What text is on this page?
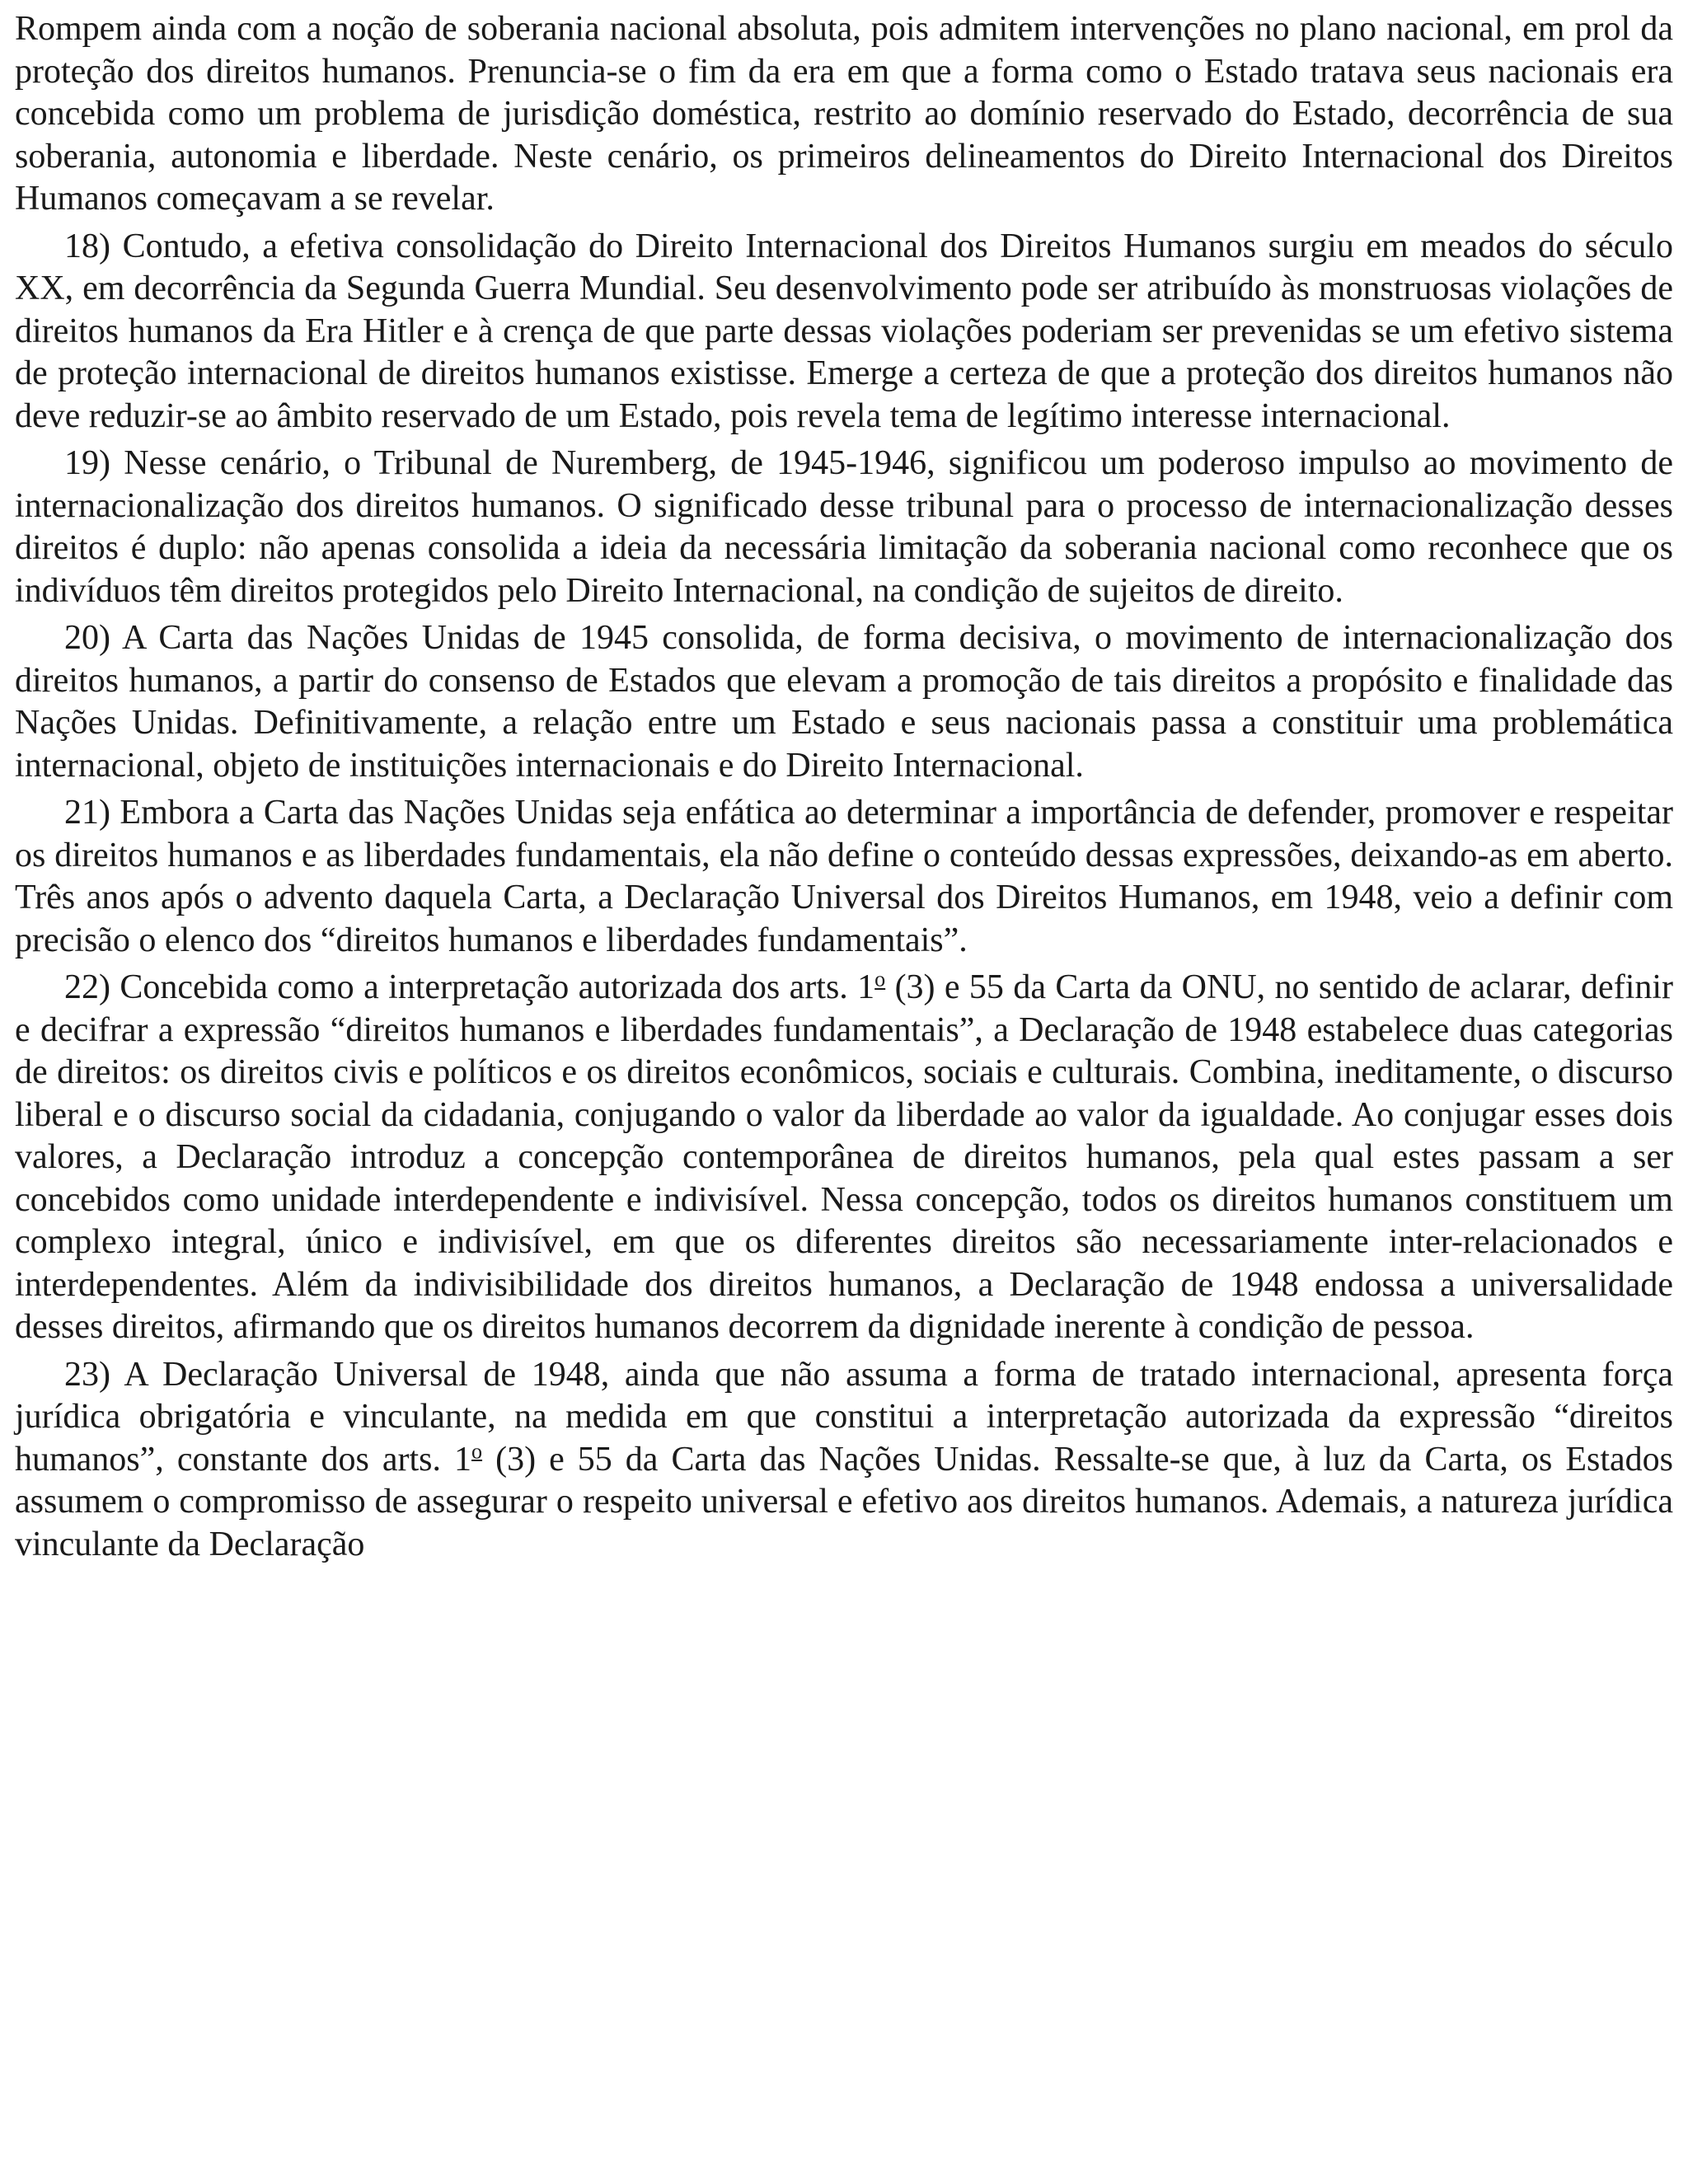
Rompem ainda com a noção de soberania nacional absoluta, pois admitem intervenções no plano nacional, em prol da proteção dos direitos humanos. Prenuncia-se o fim da era em que a forma como o Estado tratava seus nacionais era concebida como um problema de jurisdição doméstica, restrito ao domínio reservado do Estado, decorrência de sua soberania, autonomia e liberdade. Neste cenário, os primeiros delineamentos do Direito Internacional dos Direitos Humanos começavam a se revelar.

18) Contudo, a efetiva consolidação do Direito Internacional dos Direitos Humanos surgiu em meados do século XX, em decorrência da Segunda Guerra Mundial. Seu desenvolvimento pode ser atribuído às monstruosas violações de direitos humanos da Era Hitler e à crença de que parte dessas violações poderiam ser prevenidas se um efetivo sistema de proteção internacional de direitos humanos existisse. Emerge a certeza de que a proteção dos direitos humanos não deve reduzir-se ao âmbito reservado de um Estado, pois revela tema de legítimo interesse internacional.

19) Nesse cenário, o Tribunal de Nuremberg, de 1945-1946, significou um poderoso impulso ao movimento de internacionalização dos direitos humanos. O significado desse tribunal para o processo de internacionalização desses direitos é duplo: não apenas consolida a ideia da necessária limitação da soberania nacional como reconhece que os indivíduos têm direitos protegidos pelo Direito Internacional, na condição de sujeitos de direito.

20) A Carta das Nações Unidas de 1945 consolida, de forma decisiva, o movimento de internacionalização dos direitos humanos, a partir do consenso de Estados que elevam a promoção de tais direitos a propósito e finalidade das Nações Unidas. Definitivamente, a relação entre um Estado e seus nacionais passa a constituir uma problemática internacional, objeto de instituições internacionais e do Direito Internacional.

21) Embora a Carta das Nações Unidas seja enfática ao determinar a importância de defender, promover e respeitar os direitos humanos e as liberdades fundamentais, ela não define o conteúdo dessas expressões, deixando-as em aberto. Três anos após o advento daquela Carta, a Declaração Universal dos Direitos Humanos, em 1948, veio a definir com precisão o elenco dos “direitos humanos e liberdades fundamentais”.

22) Concebida como a interpretação autorizada dos arts. 1$^o$ (3) e 55 da Carta da ONU, no sentido de aclarar, definir e decifrar a expressão “direitos humanos e liberdades fundamentais”, a Declaração de 1948 estabelece duas categorias de direitos: os direitos civis e políticos e os direitos econômicos, sociais e culturais. Combina, ineditamente, o discurso liberal e o discurso social da cidadania, conjugando o valor da liberdade ao valor da igualdade. Ao conjugar esses dois valores, a Declaração introduz a concepção contemporânea de direitos humanos, pela qual estes passam a ser concebidos como unidade interdependente e indivisível. Nessa concepção, todos os direitos humanos constituem um complexo integral, único e indivisível, em que os diferentes direitos são necessariamente inter-relacionados e interdependentes. Além da indivisibilidade dos direitos humanos, a Declaração de 1948 endossa a universalidade desses direitos, afirmando que os direitos humanos decorrem da dignidade inerente à condição de pessoa.

23) A Declaração Universal de 1948, ainda que não assuma a forma de tratado internacional, apresenta força jurídica obrigatória e vinculante, na medida em que constitui a interpretação autorizada da expressão “direitos humanos”, constante dos arts. 1$^o$ (3) e 55 da Carta das Nações Unidas. Ressalte-se que, à luz da Carta, os Estados assumem o compromisso de assegurar o respeito universal e efetivo aos direitos humanos. Ademais, a natureza jurídica vinculante da Declaração
